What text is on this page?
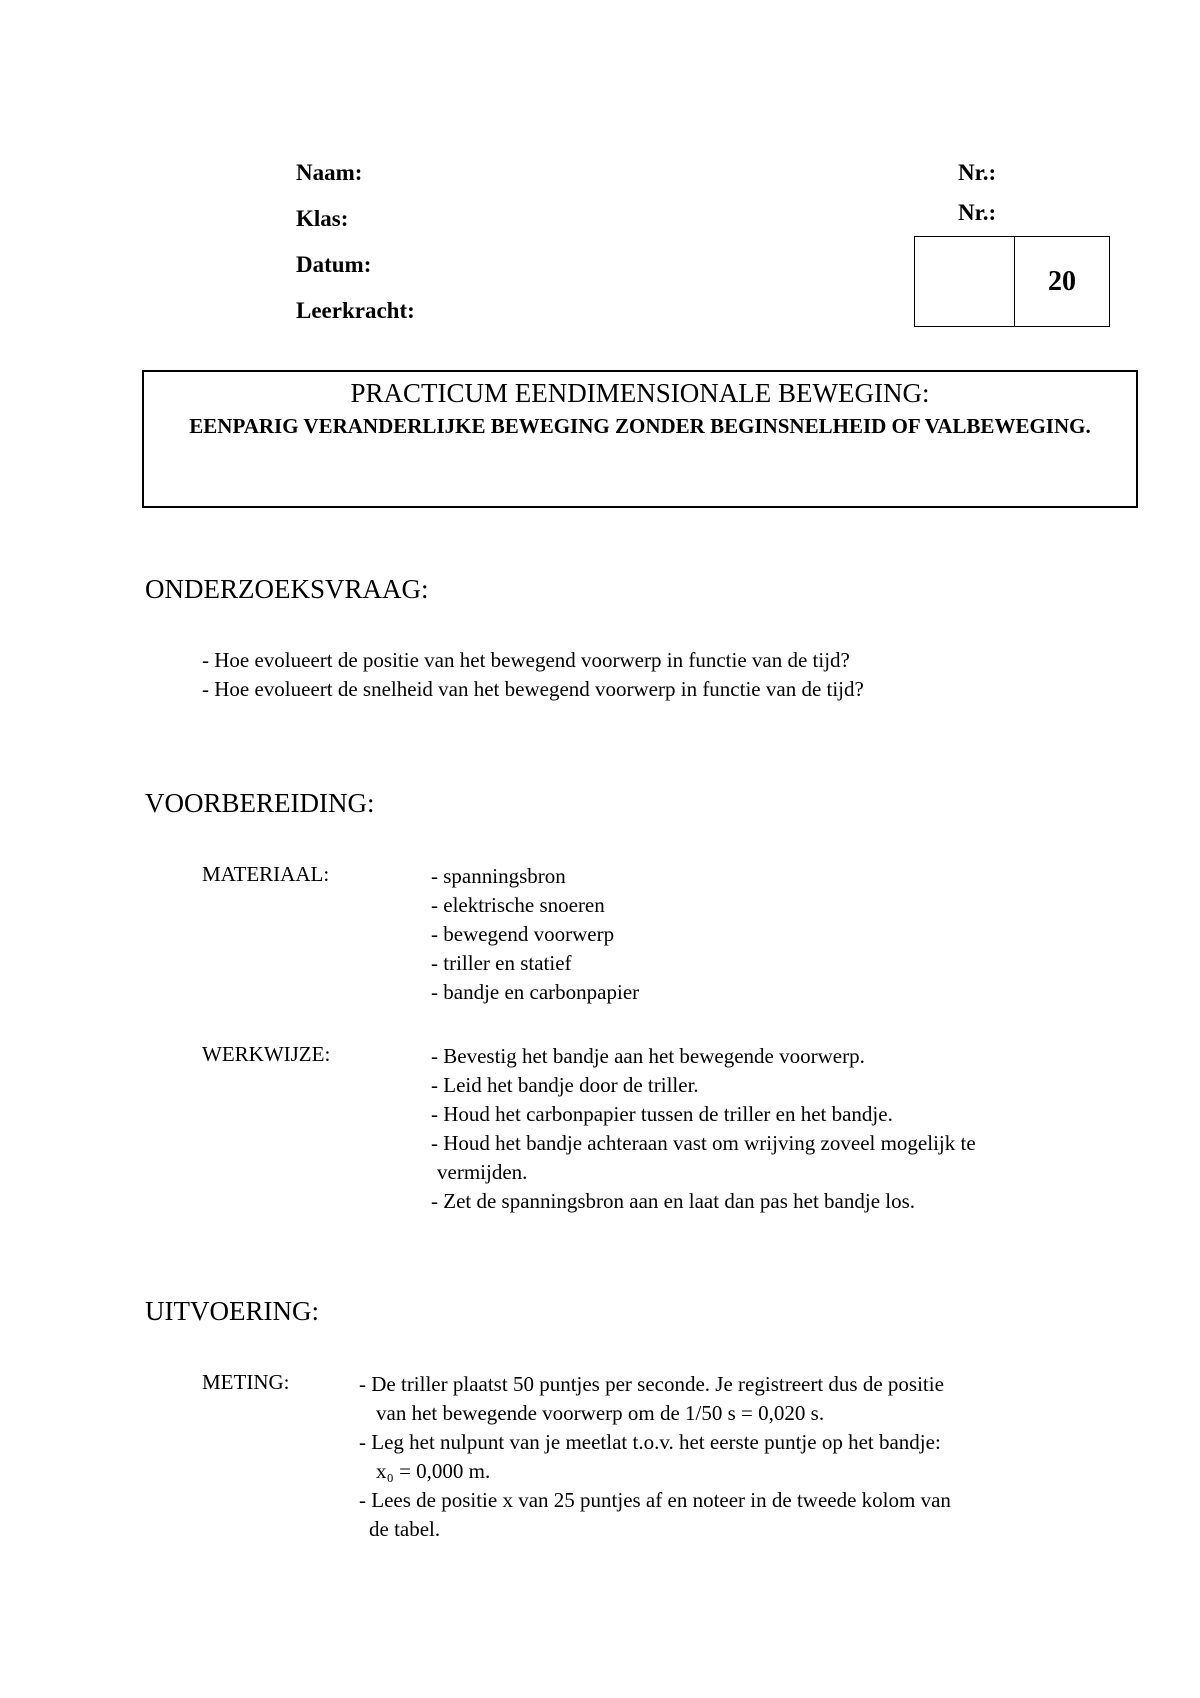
Naam:
Klas:
Datum:
Leerkracht:
Nr.:
Nr.:
20
PRACTICUM EENDIMENSIONALE BEWEGING:
EENPARIG VERANDERLIJKE BEWEGING ZONDER BEGINSNELHEID OF VALBEWEGING.
ONDERZOEKSVRAAG:
- Hoe evolueert de positie van het bewegend voorwerp in functie van de tijd?
- Hoe evolueert de snelheid van het bewegend voorwerp in functie van de tijd?
VOORBEREIDING:
MATERIAAL:	- spanningsbron
- elektrische snoeren
- bewegend voorwerp
- triller en statief
- bandje en carbonpapier
WERKWIJZE:	- Bevestig het bandje aan het bewegende voorwerp.
- Leid het bandje door de triller.
- Houd het carbonpapier tussen de triller en het bandje.
- Houd het bandje achteraan vast om wrijving zoveel mogelijk te
vermijden.
- Zet de spanningsbron aan en laat dan pas het bandje los.
UITVOERING:
METING:	- De triller plaatst 50 puntjes per seconde. Je registreert dus de positie
van het bewegende voorwerp om de 1/50 s = 0,020 s.
- Leg het nulpunt van je meetlat t.o.v. het eerste puntje op het bandje:
x₀ = 0,000 m.
- Lees de positie x van 25 puntjes af en noteer in de tweede kolom van
de tabel.
